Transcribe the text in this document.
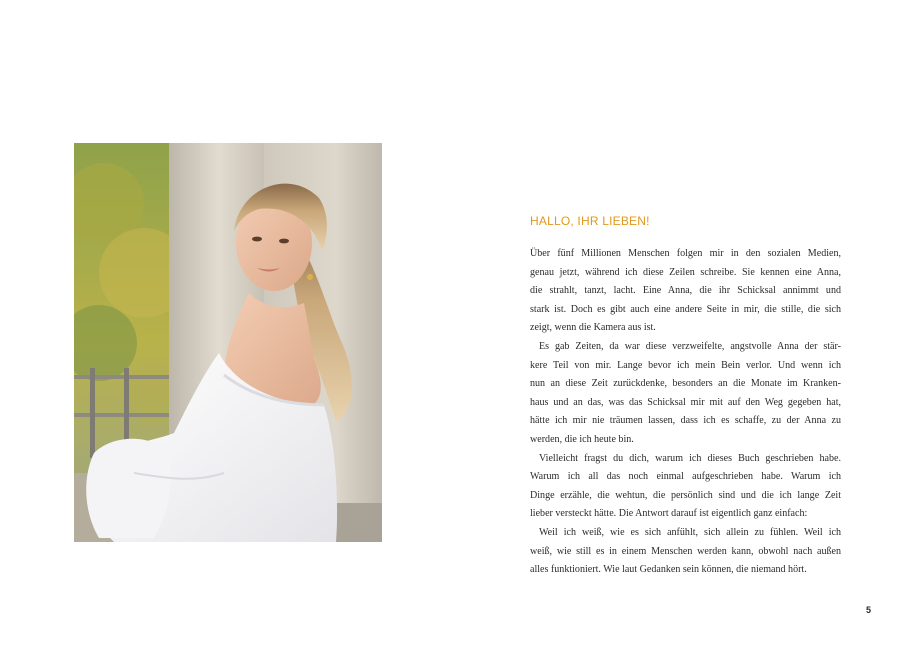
HALLO, IHR LIEBEN!
Über fünf Millionen Menschen folgen mir in den sozialen Medien,
genau jetzt, während ich diese Zeilen schreibe. Sie kennen eine Anna,
die strahlt, tanzt, lacht. Eine Anna, die ihr Schicksal annimmt und
stark ist. Doch es gibt auch eine andere Seite in mir, die stille, die sich
zeigt, wenn die Kamera aus ist.
Es gab Zeiten, da war diese verzweifelte, angstvolle Anna der stär-
kere Teil von mir. Lange bevor ich mein Bein verlor. Und wenn ich
nun an diese Zeit zurückdenke, besonders an die Monate im Kranken-
haus und an das, was das Schicksal mir mit auf den Weg gegeben hat,
hätte ich mir nie träumen lassen, dass ich es schaffe, zu der Anna zu
werden, die ich heute bin.
Vielleicht fragst du dich, warum ich dieses Buch geschrieben habe.
Warum ich all das noch einmal aufgeschrieben habe. Warum ich
Dinge erzähle, die wehtun, die persönlich sind und die ich lange Zeit
lieber versteckt hätte. Die Antwort darauf ist eigentlich ganz einfach:
Weil ich weiß, wie es sich anfühlt, sich allein zu fühlen. Weil ich
weiß, wie still es in einem Menschen werden kann, obwohl nach außen
alles funktioniert. Wie laut Gedanken sein können, die niemand hört.
5
